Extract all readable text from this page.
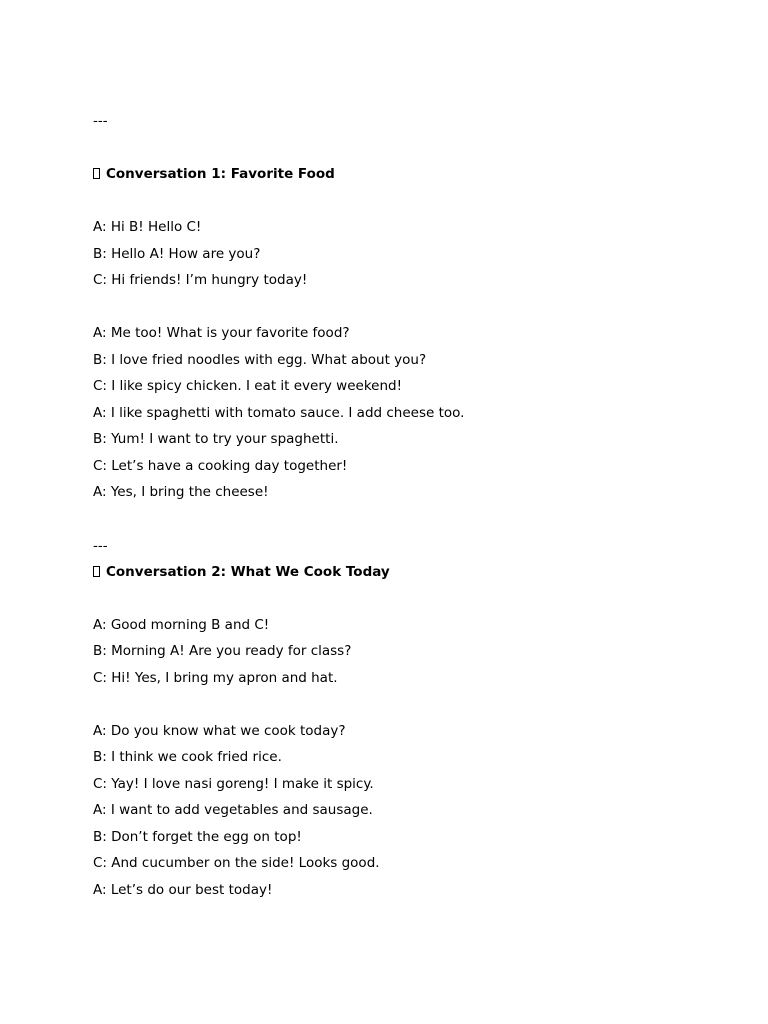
---
Conversation 1: Favorite Food
A: Hi B! Hello C!
B: Hello A! How are you?
C: Hi friends! I’m hungry today!
A: Me too! What is your favorite food?
B: I love fried noodles with egg. What about you?
C: I like spicy chicken. I eat it every weekend!
A: I like spaghetti with tomato sauce. I add cheese too.
B: Yum! I want to try your spaghetti.
C: Let’s have a cooking day together!
A: Yes, I bring the cheese!
---
Conversation 2: What We Cook Today
A: Good morning B and C!
B: Morning A! Are you ready for class?
C: Hi! Yes, I bring my apron and hat.
A: Do you know what we cook today?
B: I think we cook fried rice.
C: Yay! I love nasi goreng! I make it spicy.
A: I want to add vegetables and sausage.
B: Don’t forget the egg on top!
C: And cucumber on the side! Looks good.
A: Let’s do our best today!
